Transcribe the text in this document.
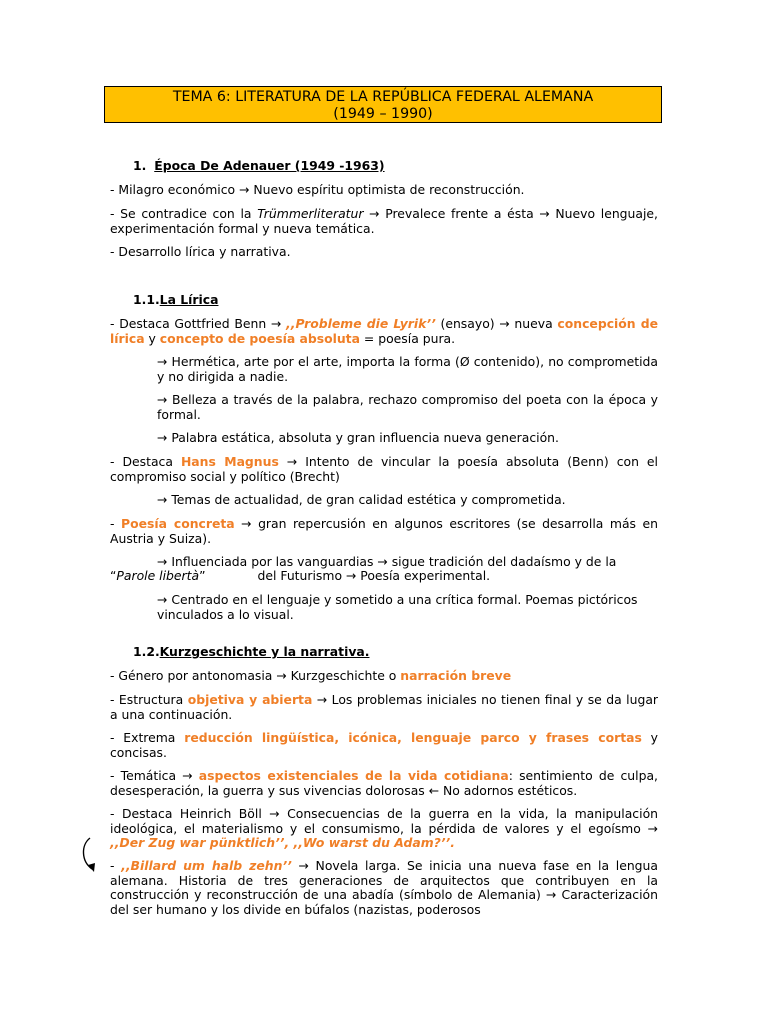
TEMA 6: LITERATURA DE LA REPÚBLICA FEDERAL ALEMANA
(1949 – 1990)

1. Época De Adenauer (1949 -1963)

- Milagro económico → Nuevo espíritu optimista de reconstrucción.

- Se contradice con la Trümmerliteratur → Prevalece frente a ésta → Nuevo lenguaje, experimentación formal y nueva temática.

- Desarrollo lírica y narrativa.

1.1.La Lírica

- Destaca Gottfried Benn → ,,Probleme die Lyrik’’ (ensayo) → nueva concepción de lírica y concepto de poesía absoluta = poesía pura.

→ Hermética, arte por el arte, importa la forma (Ø contenido), no comprometida y no dirigida a nadie.

→ Belleza a través de la palabra, rechazo compromiso del poeta con la época y formal.

→ Palabra estática, absoluta y gran influencia nueva generación.

- Destaca Hans Magnus → Intento de vincular la poesía absoluta (Benn) con el compromiso social y político (Brecht)

→ Temas de actualidad, de gran calidad estética y comprometida.

- Poesía concreta → gran repercusión en algunos escritores (se desarrolla más en Austria y Suiza).

→ Influenciada por las vanguardias → sigue tradición del dadaísmo y de la

“Parole libertà”	del Futurismo → Poesía experimental.

→ Centrado en el lenguaje y sometido a una crítica formal. Poemas pictóricos vinculados a lo visual.

1.2.Kurzgeschichte y la narrativa.

- Género por antonomasia → Kurzgeschichte o narración breve

- Estructura objetiva y abierta → Los problemas iniciales no tienen final y se da lugar a una continuación.

- Extrema reducción lingüística, icónica, lenguaje parco y frases cortas y concisas.

- Temática → aspectos existenciales de la vida cotidiana: sentimiento de culpa, desesperación, la guerra y sus vivencias dolorosas ← No adornos estéticos.

- Destaca Heinrich Böll → Consecuencias de la guerra en la vida, la manipulación ideológica, el materialismo y el consumismo, la pérdida de valores y el egoísmo → ,,Der Zug war pünktlich’’, ,,Wo warst du Adam?’’.

- ,,Billard um halb zehn’’ → Novela larga. Se inicia una nueva fase en la lengua alemana. Historia de tres generaciones de arquitectos que contribuyen en la construcción y reconstrucción de una abadía (símbolo de Alemania) → Caracterización del ser humano y los divide en búfalos (nazistas, poderosos
